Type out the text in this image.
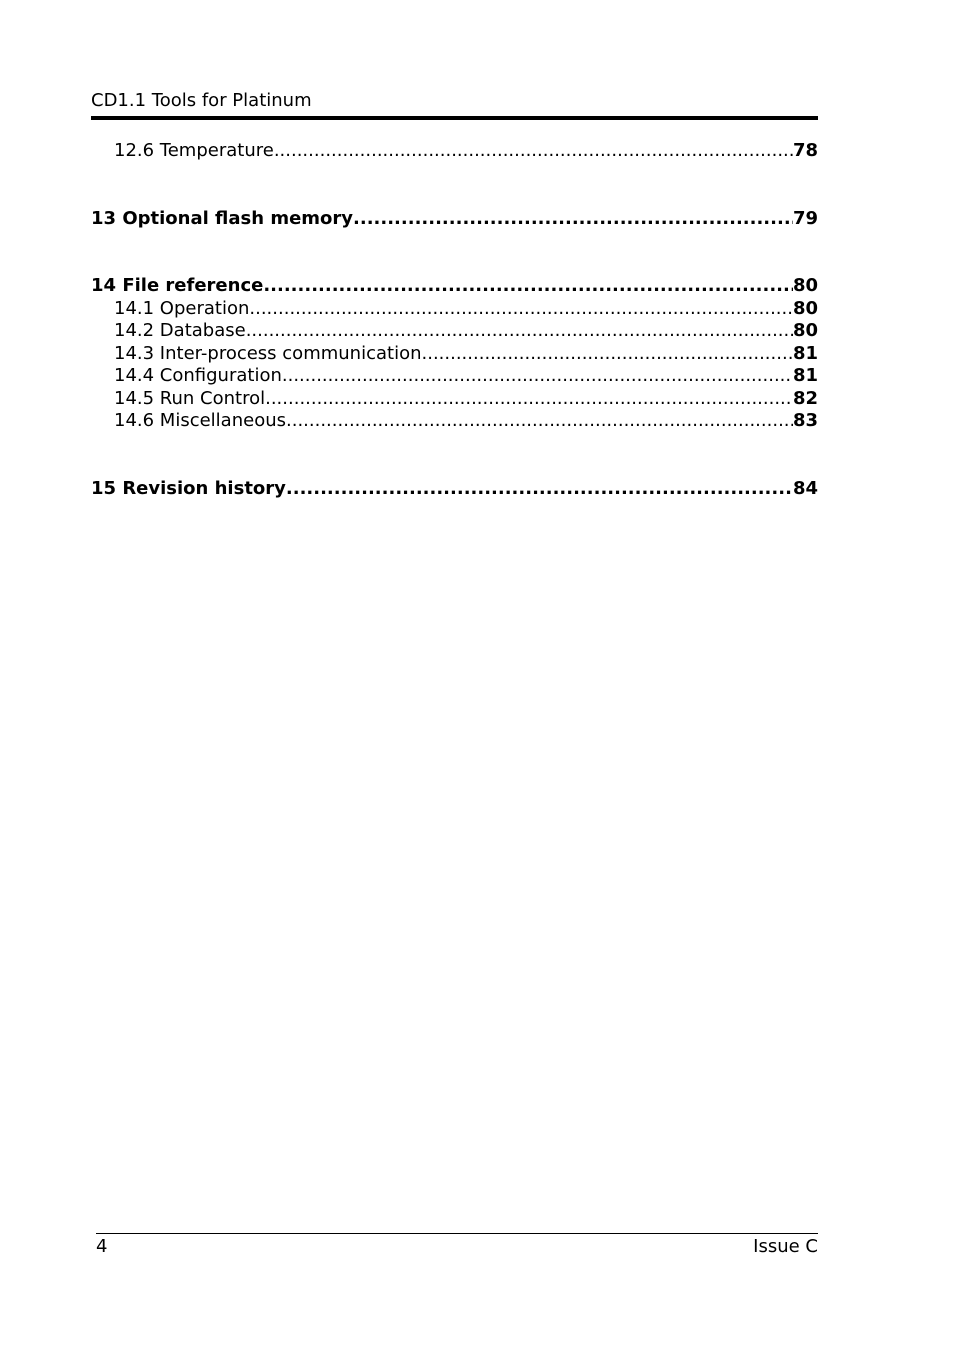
CD1.1 Tools for Platinum
12.6 Temperature .....	78
13 Optional flash memory .....	79
14 File reference .....	80
14.1 Operation .....	80
14.2 Database .....	80
14.3 Inter-process communication .....	81
14.4 Configuration .....	81
14.5 Run Control .....	82
14.6 Miscellaneous .....	83
15 Revision history .....	84
4	Issue C
